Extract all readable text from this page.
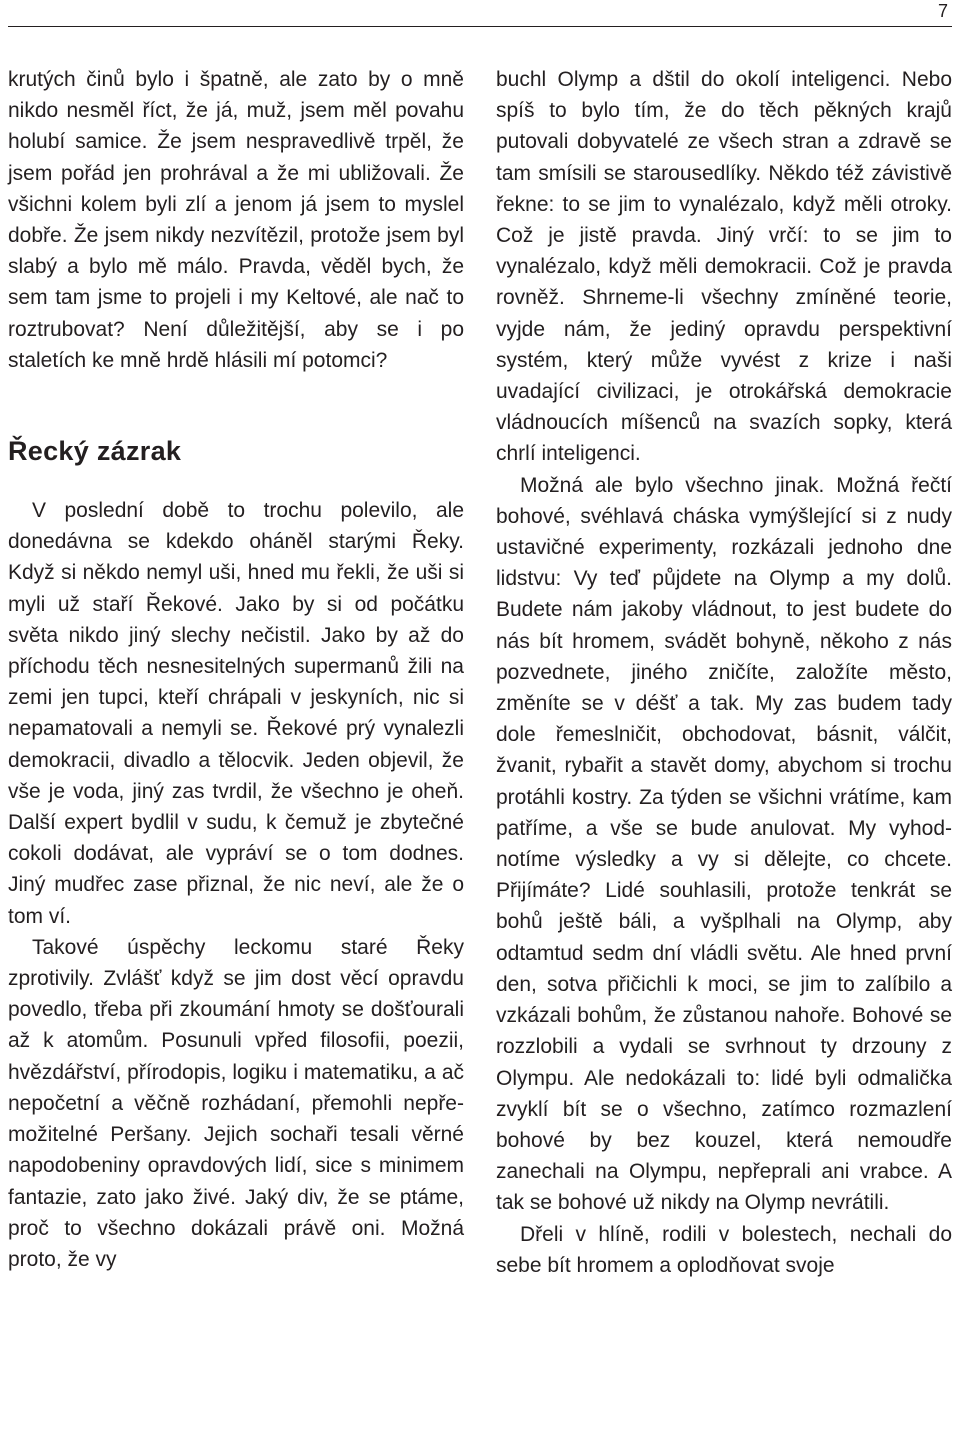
7

krutých činů bylo i špatně, ale zato by o mně nikdo nesměl říct, že já, muž, jsem měl povahu holubí samice. Že jsem nespravedlivě trpěl, že jsem pořád jen prohrával a že mi ubližovali. Že všichni kolem byli zlí a jenom já jsem to myslel dobře. Že jsem nikdy nezvítězil, protože jsem byl slabý a bylo mě málo. Pravda, věděl bych, že sem tam jsme to projeli i my Keltové, ale nač to roztrubovat? Není důležitější, aby se i po staletích ke mně hrdě hlásili mí potomci?

Řecký zázrak

V poslední době to trochu polevilo, ale donedávna se kdekdo oháněl starými Řeky. Když si někdo nemyl uši, hned mu řekli, že uši si myli už staří Řekové. Jako by si od počátku světa nikdo jiný slechy nečistil. Jako by až do příchodu těch nesnesitelných supermanů žili na zemi jen tupci, kteří chrápali v jeskyních, nic si nepamatovali a nemyli se. Řekové prý vynalezli demokracii, divadlo a tělocvik. Jeden objevil, že vše je voda, jiný zas tvrdil, že všechno je oheň. Další expert bydlil v sudu, k čemuž je zbytečné cokoli dodávat, ale vypráví se o tom dodnes. Jiný mudřec zase přiznal, že nic neví, ale že o tom ví.

Takové úspěchy leckomu staré Řeky zprotivily. Zvlášť když se jim dost věcí opravdu povedlo, třeba při zkoumání hmoty se došťourali až k atomům. Posunuli vpřed filosofii, poezii, hvězdářství, přírodopis, logiku i matematiku, a ač nepočetní a věčně rozhádaní, přemohli nepřemožitelné Peršany. Jejich sochaři tesali věrné napodobeniny opravdových lidí, sice s minimem fantazie, zato jako živé. Jaký div, že se ptáme, proč to všechno dokázali právě oni. Možná proto, že vy

buchl Olymp a dštil do okolí inteligenci. Nebo spíš to bylo tím, že do těch pěkných krajů putovali dobyvatelé ze všech stran a zdravě se tam smísili se starousedlíky. Někdo též závistivě řekne: to se jim to vynalézalo, když měli otroky. Což je jistě pravda. Jiný vrčí: to se jim to vynalézalo, když měli demokracii. Což je pravda rovněž. Shrneme-li všechny zmíněné teorie, vyjde nám, že jediný opravdu perspektivní systém, který může vyvést z krize i naši uvadající civilizaci, je otrokářská demokracie vládnoucích míšenců na svazích sopky, která chrlí inteligenci.

Možná ale bylo všechno jinak. Možná řečtí bohové, svéhlavá cháska vymýšlející si z nudy ustavičné experimenty, rozkázali jednoho dne lidstvu: Vy teď půjdete na Olymp a my dolů. Budete nám jakoby vládnout, to jest budete do nás bít hromem, svádět bohyně, někoho z nás pozvednete, jiného zničíte, založíte město, změníte se v déšť a tak. My zas budem tady dole řemeslničit, obchodovat, básnit, válčit, žvanit, rybařit a stavět domy, abychom si trochu protáhli kostry. Za týden se všichni vrátíme, kam patříme, a vše se bude anulovat. My vyhodnotíme výsledky a vy si dělejte, co chcete. Přijímáte? Lidé souhlasili, protože tenkrát se bohů ještě báli, a vyšplhali na Olymp, aby odtamtud sedm dní vládli světu. Ale hned první den, sotva přičichli k moci, se jim to zalíbilo a vzkázali bohům, že zůstanou nahoře. Bohové se rozzlobili a vydali se svrhnout ty drzouny z Olympu. Ale nedokázali to: lidé byli odmalička zvyklí bít se o všechno, zatímco rozmazlení bohové by bez kouzel, která nemoudře zanechali na Olympu, nepřeprali ani vrabce. A tak se bohové už nikdy na Olymp nevrátili.

Dřeli v hlíně, rodili v bolestech, nechali do sebe bít hromem a oplodňovat svoje
